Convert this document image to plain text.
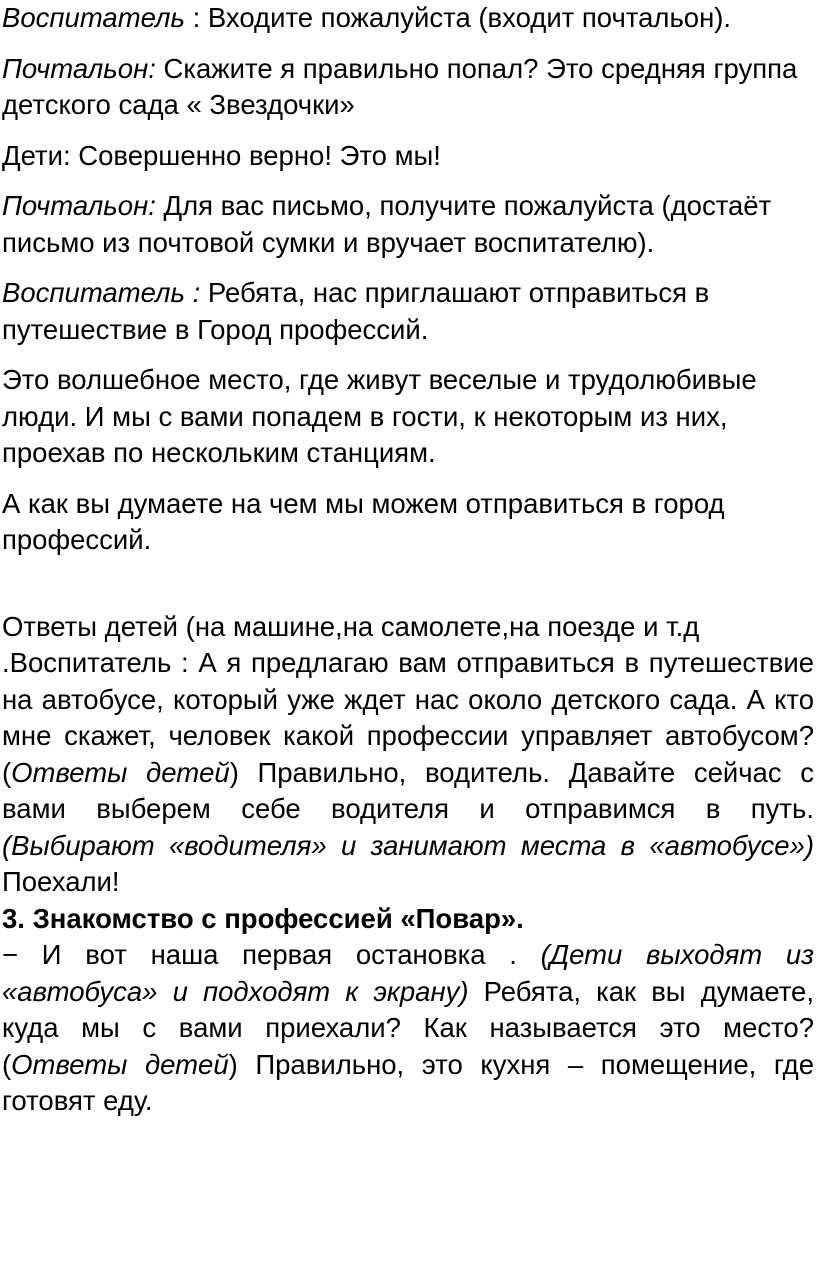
Воспитатель : Входите пожалуйста (входит почтальон).

Почтальон: Скажите я правильно попал? Это средняя группа детского сада « Звездочки»

Дети: Совершенно верно! Это мы!

Почтальон: Для вас письмо, получите пожалуйста (достаёт письмо из почтовой сумки и вручает воспитателю).

Воспитатель : Ребята, нас приглашают отправиться в путешествие в Город профессий.

Это волшебное место, где живут веселые и трудолюбивые люди. И мы с вами попадем в гости, к некоторым из них, проехав по нескольким станциям.

А как вы думаете на чем мы можем отправиться в город профессий.

Ответы детей (на машине,на самолете,на поезде и т.д

.Воспитатель : А я предлагаю вам отправиться в путешествие на автобусе, который уже ждет нас около детского сада. А кто мне скажет, человек какой профессии управляет автобусом? (Ответы детей) Правильно, водитель. Давайте сейчас с вами выберем себе водителя и отправимся в путь. (Выбирают «водителя» и занимают места в «автобусе») Поехали!

3. Знакомство с профессией «Повар».

− И вот наша первая остановка . (Дети выходят из «автобуса» и подходят к экрану) Ребята, как вы думаете, куда мы с вами приехали? Как называется это место? (Ответы детей) Правильно, это кухня – помещение, где готовят еду.
